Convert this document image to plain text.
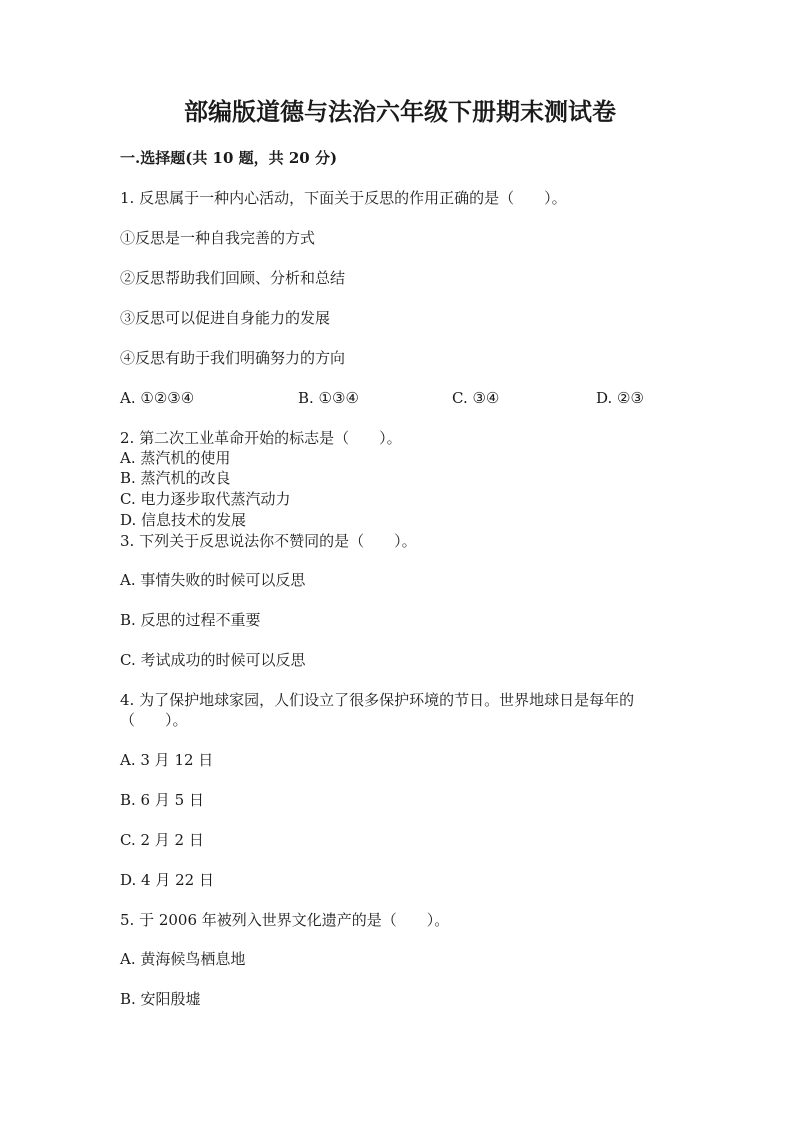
部编版道德与法治六年级下册期末测试卷
一.选择题(共 10 题，共 20 分)
1. 反思属于一种内心活动，下面关于反思的作用正确的是（　　）。
①反思是一种自我完善的方式
②反思帮助我们回顾、分析和总结
③反思可以促进自身能力的发展
④反思有助于我们明确努力的方向
A. ①②③④	B. ①③④	C. ③④	D. ②③
2. 第二次工业革命开始的标志是（　　）。
A. 蒸汽机的使用
B. 蒸汽机的改良
C. 电力逐步取代蒸汽动力
D. 信息技术的发展
3. 下列关于反思说法你不赞同的是（　　）。
A. 事情失败的时候可以反思
B. 反思的过程不重要
C. 考试成功的时候可以反思
4. 为了保护地球家园，人们设立了很多保护环境的节日。世界地球日是每年的
（　　）。
A. 3 月 12 日
B. 6 月 5 日
C. 2 月 2 日
D. 4 月 22 日
5. 于 2006 年被列入世界文化遗产的是（　　）。
A. 黄海候鸟栖息地
B. 安阳殷墟
